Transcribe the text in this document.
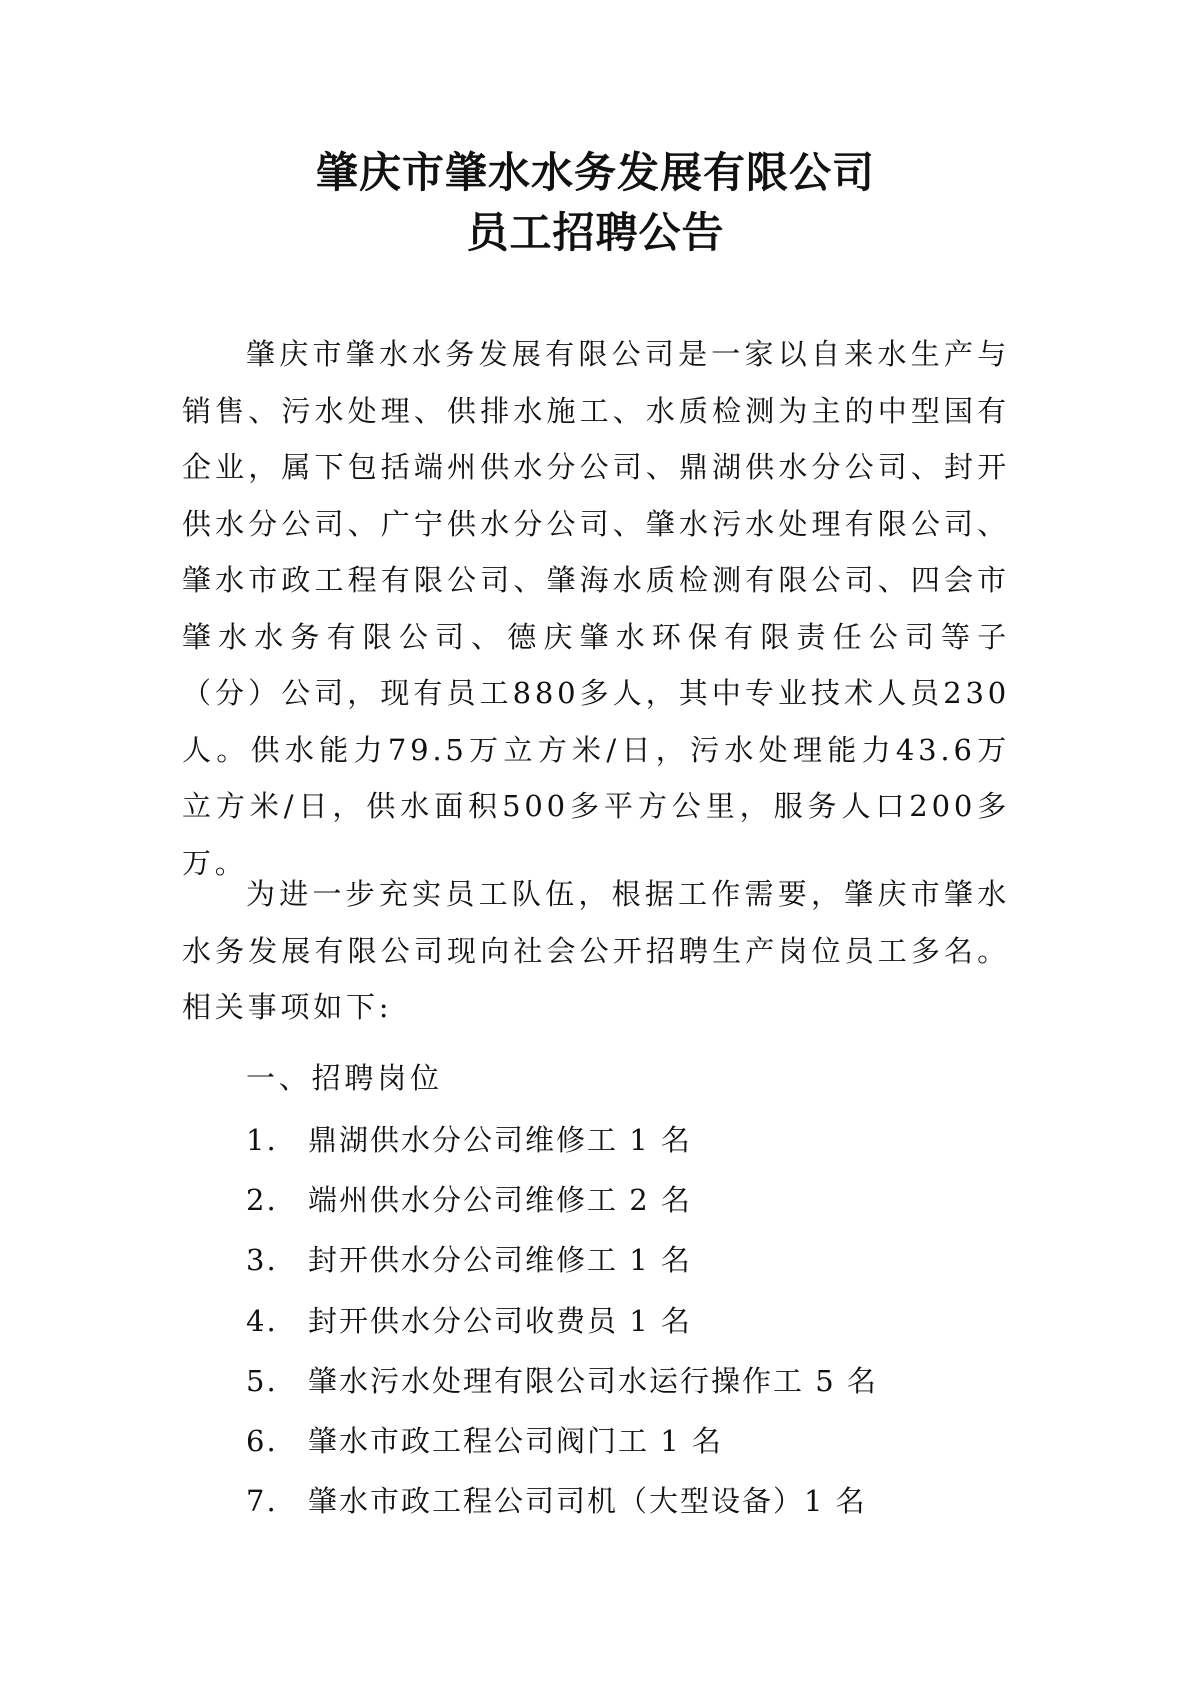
肇庆市肇水水务发展有限公司
员工招聘公告

肇庆市肇水水务发展有限公司是一家以自来水生产与销售、污水处理、供排水施工、水质检测为主的中型国有企业，属下包括端州供水分公司、鼎湖供水分公司、封开供水分公司、广宁供水分公司、肇水污水处理有限公司、肇水市政工程有限公司、肇海水质检测有限公司、四会市肇水水务有限公司、德庆肇水环保有限责任公司等子（分）公司，现有员工880多人，其中专业技术人员230人。供水能力79.5万立方米/日，污水处理能力43.6万立方米/日，供水面积500多平方公里，服务人口200多万。

为进一步充实员工队伍，根据工作需要，肇庆市肇水水务发展有限公司现向社会公开招聘生产岗位员工多名。相关事项如下:

一、招聘岗位

1.	鼎湖供水分公司维修工 1 名
2.	端州供水分公司维修工 2 名
3.	封开供水分公司维修工 1 名
4.	封开供水分公司收费员 1 名
5.	肇水污水处理有限公司水运行操作工 5 名
6.	肇水市政工程公司阀门工 1 名
7.	肇水市政工程公司司机（大型设备）1 名
